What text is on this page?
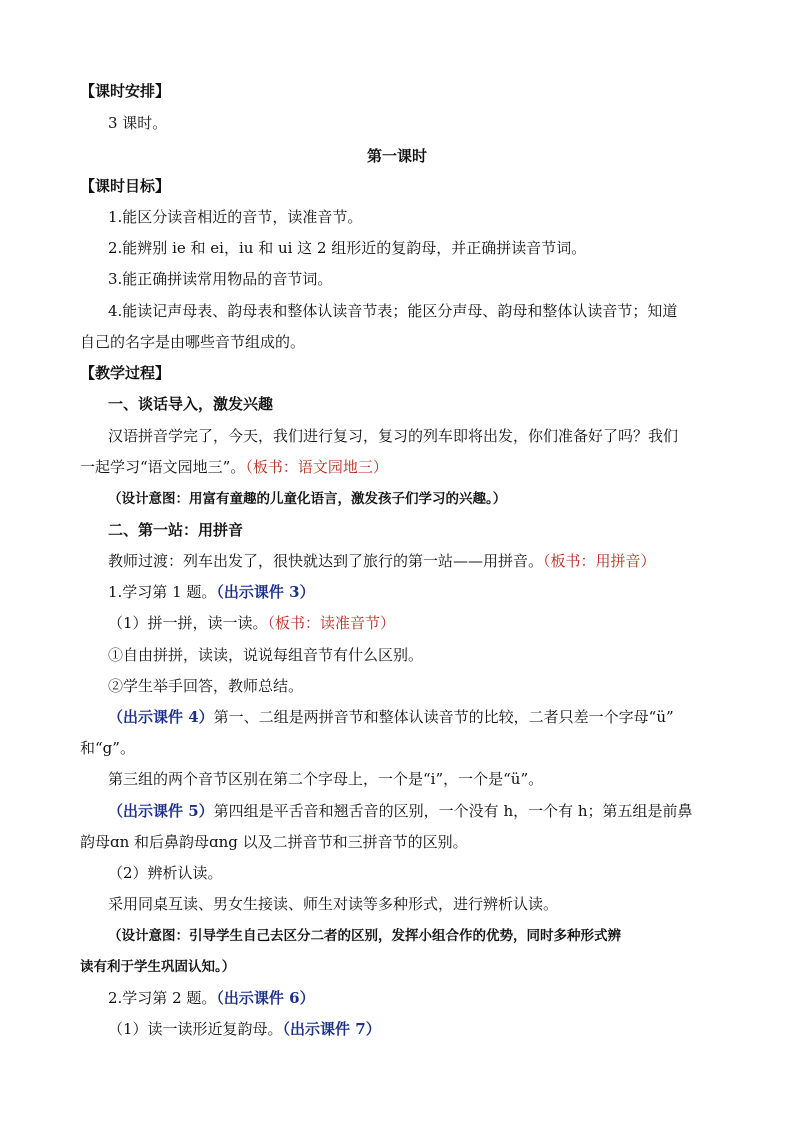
【课时安排】
3 课时。
第一课时
【课时目标】
1.能区分读音相近的音节，读准音节。
2.能辨别 ie 和 ei，iu 和 ui 这 2 组形近的复韵母，并正确拼读音节词。
3.能正确拼读常用物品的音节词。
4.能读记声母表、韵母表和整体认读音节表；能区分声母、韵母和整体认读音节；知道
自己的名字是由哪些音节组成的。
【教学过程】
一、谈话导入，激发兴趣
汉语拼音学完了，今天，我们进行复习，复习的列车即将出发，你们准备好了吗？我们
一起学习“语文园地三”。（板书：语文园地三）
（设计意图：用富有童趣的儿童化语言，激发孩子们学习的兴趣。）
二、第一站：用拼音
教师过渡：列车出发了，很快就达到了旅行的第一站——用拼音。（板书：用拼音）
1.学习第 1 题。（出示课件 3）
（1）拼一拼，读一读。（板书：读准音节）
①自由拼拼，读读，说说每组音节有什么区别。
②学生举手回答，教师总结。
（出示课件 4）第一、二组是两拼音节和整体认读音节的比较，二者只差一个字母“ü”
和“g”。
第三组的两个音节区别在第二个字母上，一个是“i”，一个是“ü”。
（出示课件 5）第四组是平舌音和翘舌音的区别，一个没有 h，一个有 h；第五组是前鼻
韵母ɑn 和后鼻韵母ɑng 以及二拼音节和三拼音节的区别。
（2）辨析认读。
采用同桌互读、男女生接读、师生对读等多种形式，进行辨析认读。
（设计意图：引导学生自己去区分二者的区别，发挥小组合作的优势，同时多种形式辨
读有利于学生巩固认知。）
2.学习第 2 题。（出示课件 6）
（1）读一读形近复韵母。（出示课件 7）
